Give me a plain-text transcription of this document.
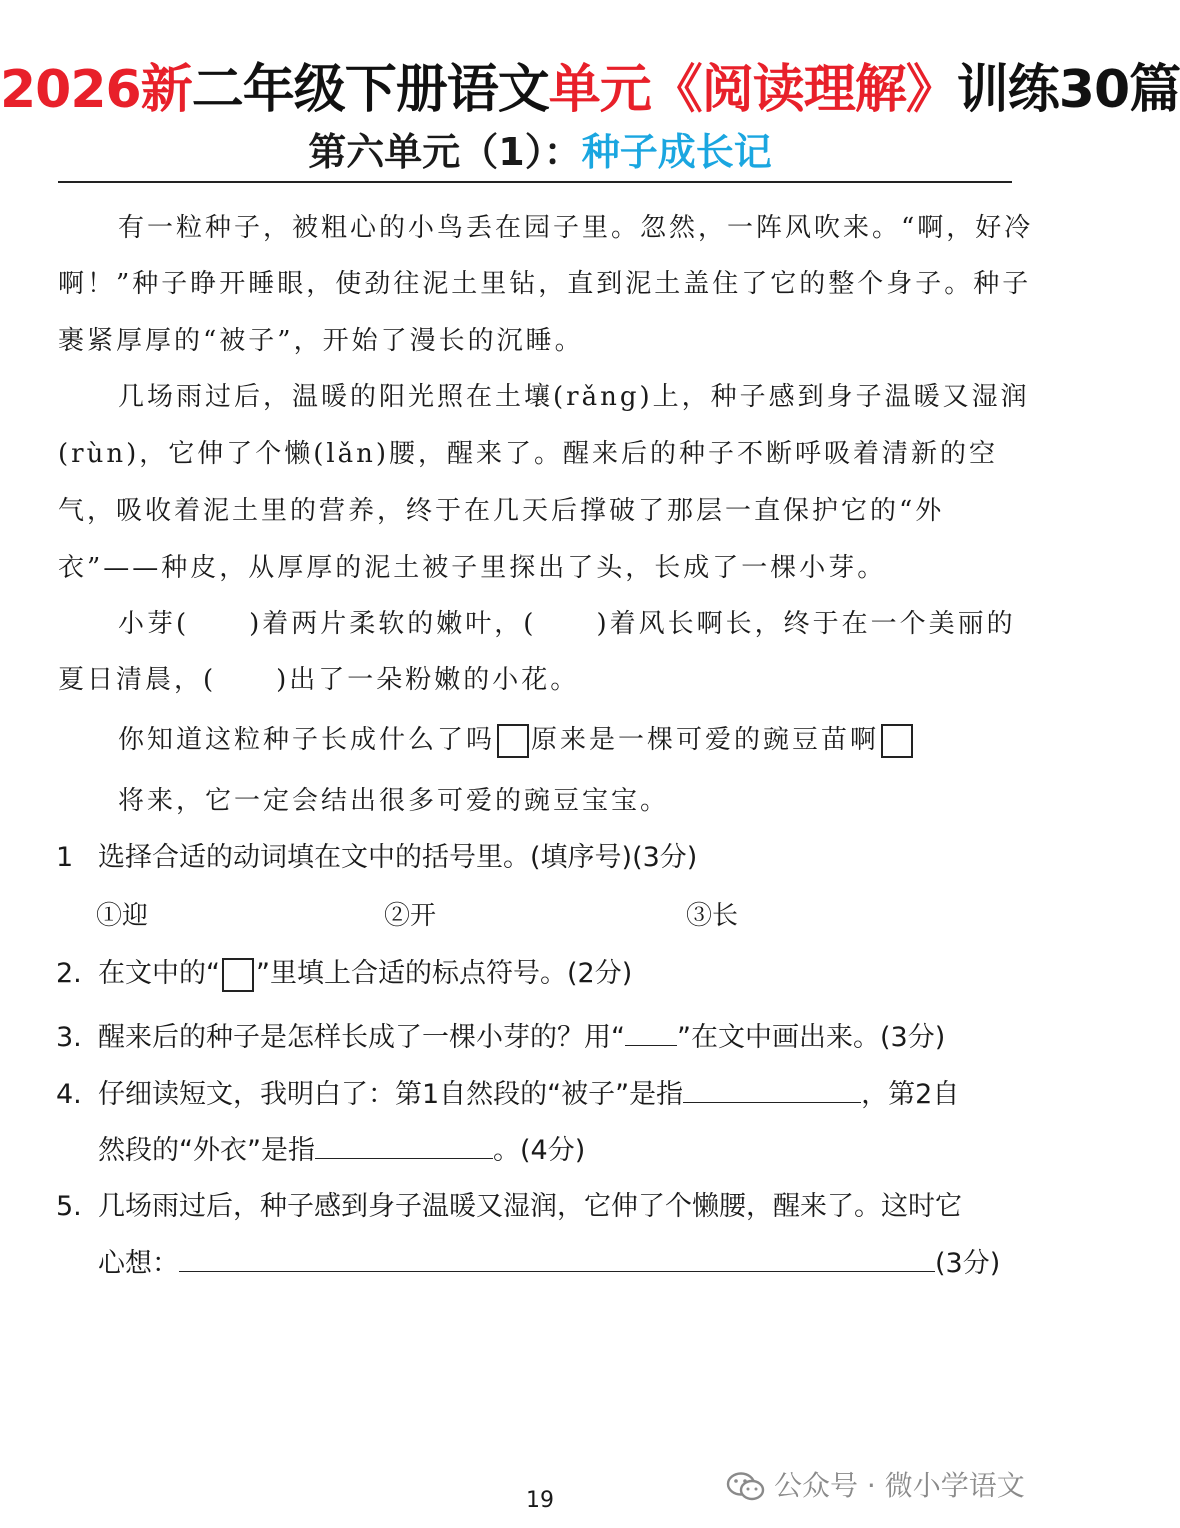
2026新二年级下册语文单元《阅读理解》训练30篇
第六单元（1）：种子成长记
有一粒种子，被粗心的小鸟丢在园子里。忽然，一阵风吹来。“啊，好冷
啊！”种子睁开睡眼，使劲往泥土里钻，直到泥土盖住了它的整个身子。种子
裹紧厚厚的“被子”，开始了漫长的沉睡。
几场雨过后，温暖的阳光照在土壤(rǎng)上，种子感到身子温暖又湿润
(rùn)，它伸了个懒(lǎn)腰，醒来了。醒来后的种子不断呼吸着清新的空
气，吸收着泥土里的营养，终于在几天后撑破了那层一直保护它的“外
衣”——种皮，从厚厚的泥土被子里探出了头，长成了一棵小芽。
小芽( )着两片柔软的嫩叶，( )着风长啊长，终于在一个美丽的
夏日清晨，( )出了一朵粉嫩的小花。
你知道这粒种子长成什么了吗 原来是一棵可爱的豌豆苗啊
将来，它一定会结出很多可爱的豌豆宝宝。
1 选择合适的动词填在文中的括号里。(填序号)(3分)
①迎	②开	③长
2. 在文中的“ ”里填上合适的标点符号。(2分)
3. 醒来后的种子是怎样长成了一棵小芽的？用“ ”在文中画出来。(3分)
4. 仔细读短文，我明白了：第1自然段的“被子”是指	，第2自
然段的“外衣”是指	。(4分)
5. 几场雨过后，种子感到身子温暖又湿润，它伸了个懒腰，醒来了。这时它
心想：	(3分)
19	公众号 · 微小学语文
